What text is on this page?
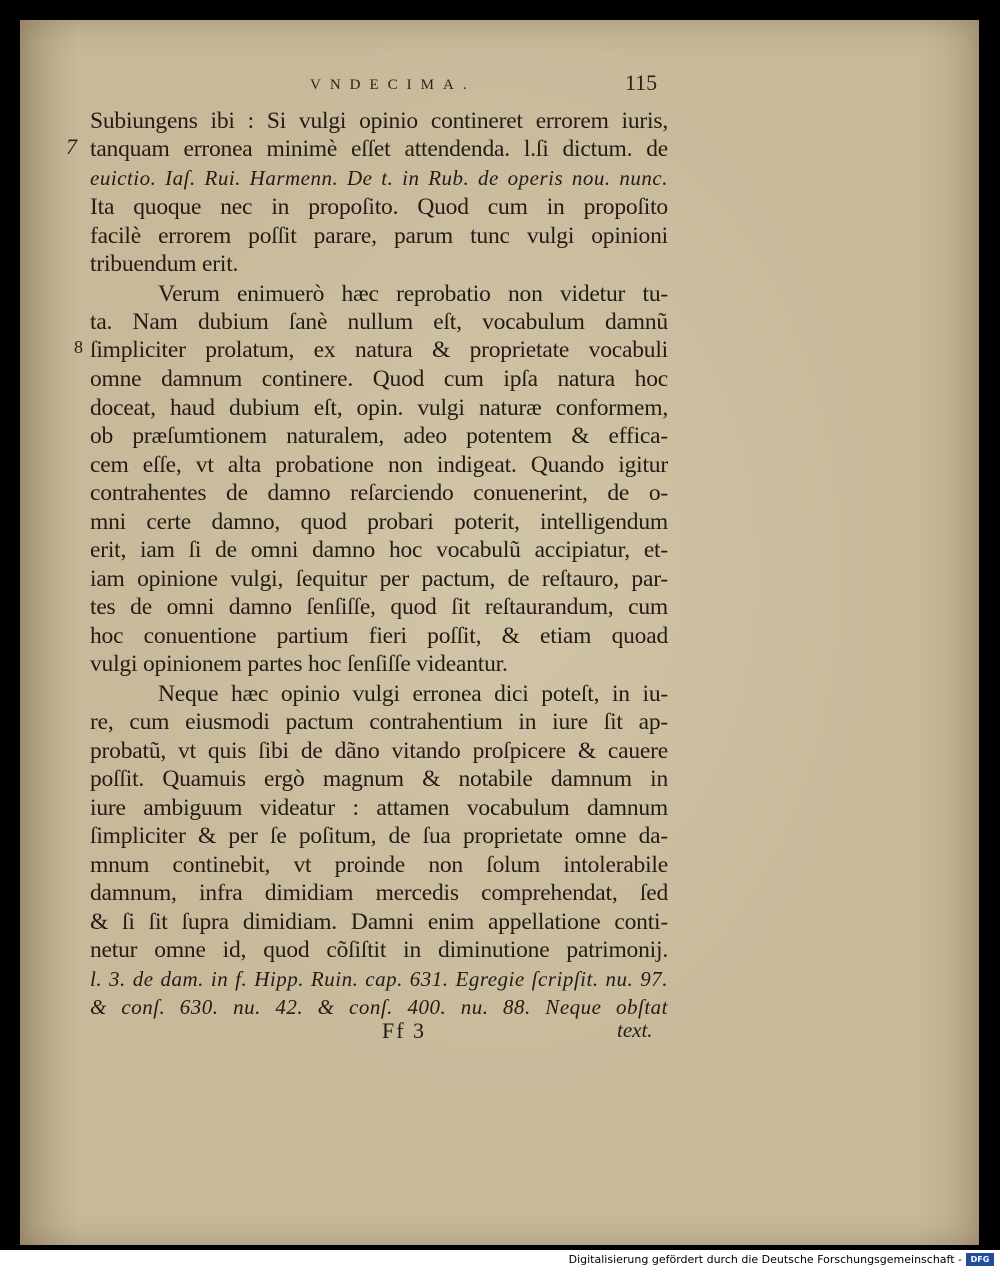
VNDECIMA.	115
7
8
Subiungens ibi : Si vulgi opinio contineret errorem iuris,
tanquam erronea minimè eſſet attendenda. l.ſi dictum. de
euictio. Iaſ. Rui. Harmenn. De t. in Rub. de operis nou. nunc.
Ita quoque nec in propoſito. Quod cum in propoſito
facilè errorem poſſit parare, parum tunc vulgi opinioni
tribuendum erit.
Verum enimuerò hæc reprobatio non videtur tu-
ta. Nam dubium ſanè nullum eſt, vocabulum damnũ
ſimpliciter prolatum, ex natura & proprietate vocabuli
omne damnum continere. Quod cum ipſa natura hoc
doceat, haud dubium eſt, opin. vulgi naturæ conformem,
ob præſumtionem naturalem, adeo potentem & effica-
cem eſſe, vt alta probatione non indigeat. Quando igitur
contrahentes de damno reſarciendo conuenerint, de o-
mni certe damno, quod probari poterit, intelligendum
erit, iam ſi de omni damno hoc vocabulũ accipiatur, et-
iam opinione vulgi, ſequitur per pactum, de reſtauro, par-
tes de omni damno ſenſiſſe, quod ſit reſtaurandum, cum
hoc conuentione partium fieri poſſit, & etiam quoad
vulgi opinionem partes hoc ſenſiſſe videantur.
Neque hæc opinio vulgi erronea dici poteſt, in iu-
re, cum eiusmodi pactum contrahentium in iure ſit ap-
probatũ, vt quis ſibi de dãno vitando proſpicere & cauere
poſſit. Quamuis ergò magnum & notabile damnum in
iure ambiguum videatur : attamen vocabulum damnum
ſimpliciter & per ſe poſitum, de ſua proprietate omne da-
mnum continebit, vt proinde non ſolum intolerabile
damnum, infra dimidiam mercedis comprehendat, ſed
& ſi ſit ſupra dimidiam. Damni enim appellatione conti-
netur omne id, quod cõſiſtit in diminutione patrimonij.
l. 3. de dam. in f. Hipp. Ruin. cap. 631. Egregie ſcripſit. nu. 97.
& conſ. 630. nu. 42. & conſ. 400. nu. 88. Neque obſtat
Ff 3	text.
Digitalisierung gefördert durch die Deutsche Forschungsgemeinschaft -	DFG
